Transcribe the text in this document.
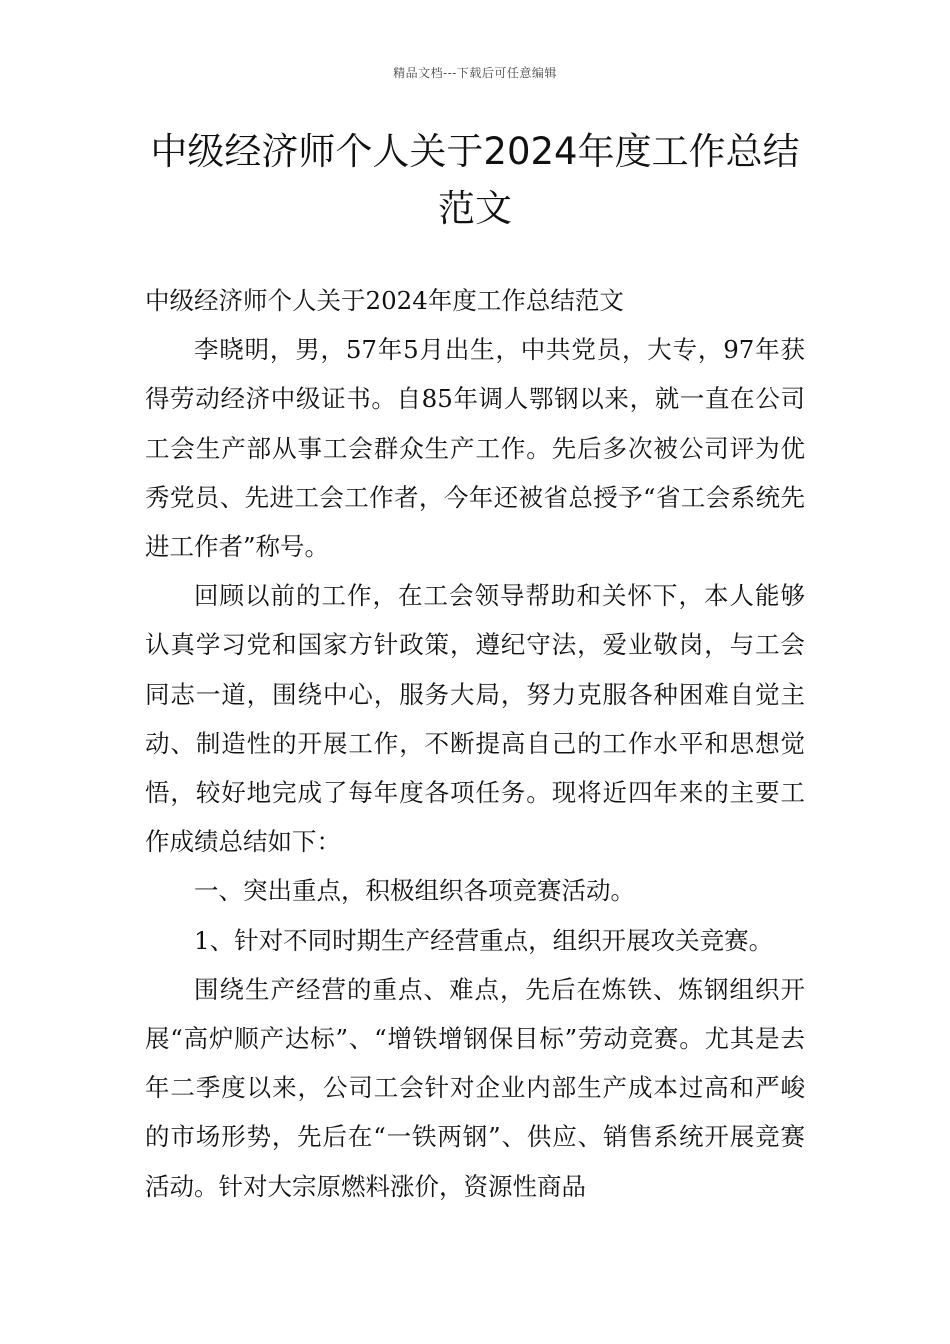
精品文档---下载后可任意编辑
中级经济师个人关于2024年度工作总结范文

中级经济师个人关于2024年度工作总结范文

李晓明，男，57年5月出生，中共党员，大专，97年获得劳动经济中级证书。自85年调人鄂钢以来，就一直在公司工会生产部从事工会群众生产工作。先后多次被公司评为优秀党员、先进工会工作者，今年还被省总授予“省工会系统先进工作者”称号。

回顾以前的工作，在工会领导帮助和关怀下，本人能够认真学习党和国家方针政策，遵纪守法，爱业敬岗，与工会同志一道，围绕中心，服务大局，努力克服各种困难自觉主动、制造性的开展工作，不断提高自己的工作水平和思想觉悟，较好地完成了每年度各项任务。现将近四年来的主要工作成绩总结如下：

一、突出重点，积极组织各项竞赛活动。

1、针对不同时期生产经营重点，组织开展攻关竞赛。

围绕生产经营的重点、难点，先后在炼铁、炼钢组织开展“高炉顺产达标”、“增铁增钢保目标”劳动竞赛。尤其是去年二季度以来，公司工会针对企业内部生产成本过高和严峻的市场形势，先后在“一铁两钢”、供应、销售系统开展竞赛活动。针对大宗原燃料涨价，资源性商品
